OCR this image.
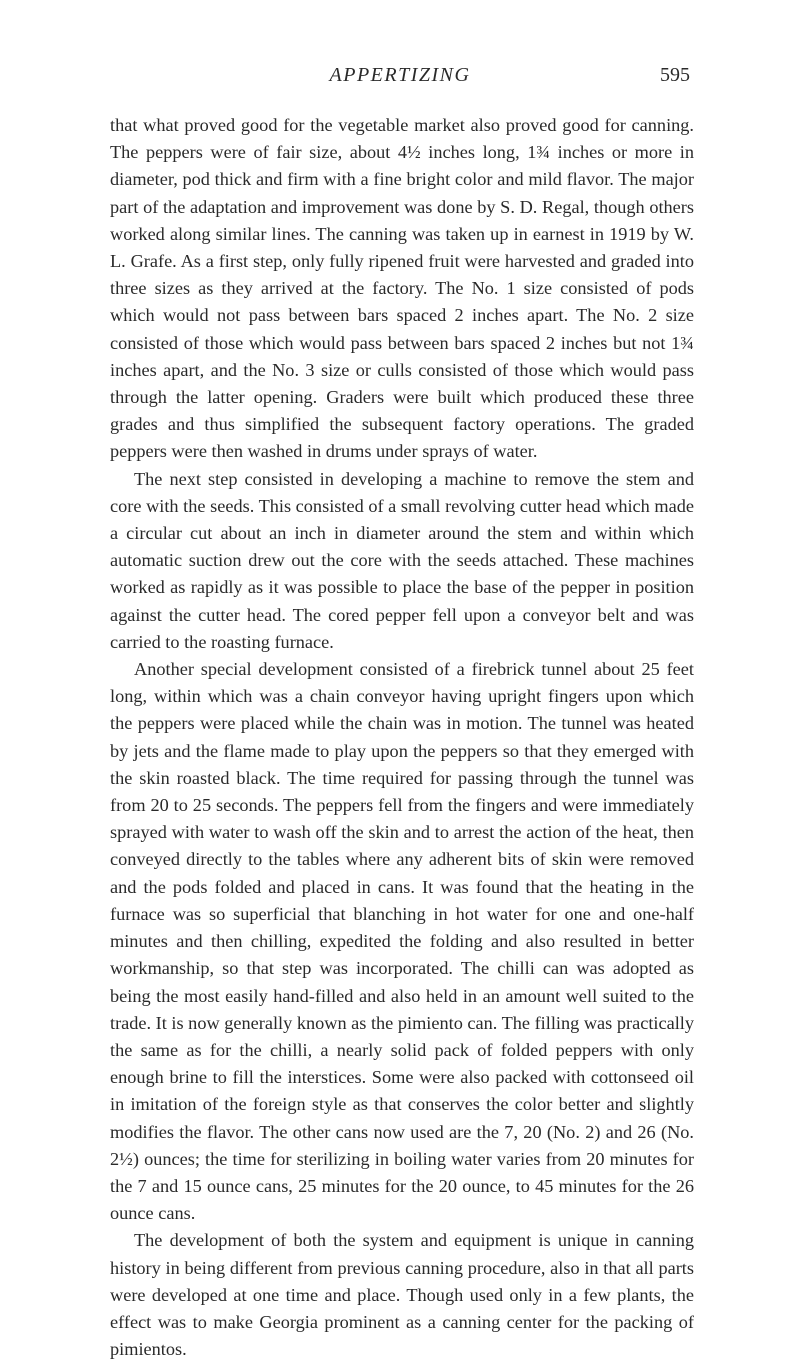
APPERTIZING	595

that what proved good for the vegetable market also proved good for canning. The peppers were of fair size, about 4½ inches long, 1¾ inches or more in diameter, pod thick and firm with a fine bright color and mild flavor. The major part of the adaptation and improvement was done by S. D. Regal, though others worked along similar lines. The canning was taken up in earnest in 1919 by W. L. Grafe. As a first step, only fully ripened fruit were harvested and graded into three sizes as they arrived at the factory. The No. 1 size consisted of pods which would not pass between bars spaced 2 inches apart. The No. 2 size consisted of those which would pass between bars spaced 2 inches but not 1¾ inches apart, and the No. 3 size or culls consisted of those which would pass through the latter opening. Graders were built which produced these three grades and thus simplified the subsequent factory operations. The graded peppers were then washed in drums under sprays of water.

The next step consisted in developing a machine to remove the stem and core with the seeds. This consisted of a small revolving cutter head which made a circular cut about an inch in diameter around the stem and within which automatic suction drew out the core with the seeds attached. These machines worked as rapidly as it was possible to place the base of the pepper in position against the cutter head. The cored pepper fell upon a conveyor belt and was carried to the roasting furnace.

Another special development consisted of a firebrick tunnel about 25 feet long, within which was a chain conveyor having upright fingers upon which the peppers were placed while the chain was in motion. The tunnel was heated by jets and the flame made to play upon the peppers so that they emerged with the skin roasted black. The time required for passing through the tunnel was from 20 to 25 seconds. The peppers fell from the fingers and were immediately sprayed with water to wash off the skin and to arrest the action of the heat, then conveyed directly to the tables where any adherent bits of skin were removed and the pods folded and placed in cans. It was found that the heating in the furnace was so superficial that blanching in hot water for one and one-half minutes and then chilling, expedited the folding and also resulted in better workmanship, so that step was incorporated. The chilli can was adopted as being the most easily hand-filled and also held in an amount well suited to the trade. It is now generally known as the pimiento can. The filling was practically the same as for the chilli, a nearly solid pack of folded peppers with only enough brine to fill the interstices. Some were also packed with cottonseed oil in imitation of the foreign style as that conserves the color better and slightly modifies the flavor. The other cans now used are the 7, 20 (No. 2) and 26 (No. 2½) ounces; the time for sterilizing in boiling water varies from 20 minutes for the 7 and 15 ounce cans, 25 minutes for the 20 ounce, to 45 minutes for the 26 ounce cans.

The development of both the system and equipment is unique in canning history in being different from previous canning procedure, also in that all parts were developed at one time and place. Though used only in a few plants, the effect was to make Georgia prominent as a canning center for the packing of pimientos.
